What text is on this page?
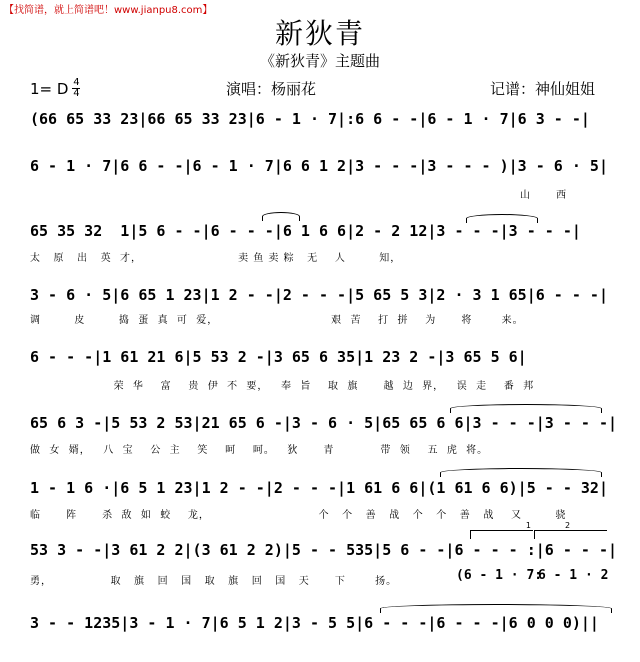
【找简谱，就上简谱吧！www.jianpu8.com】
新狄青
《新狄青》主题曲
1= D $\frac{4}{4}$	演唱：杨丽花	记谱：神仙姐姐
(66 65 33 23|66 65 33 23|6 - 1 · 7|:6 6 - -|6 - 1 · 7|6 3 - -|
6 - 1 · 7|6 6 - -|6 - 1 · 7|6 6 1 2|3 - - -|3 - - - )|3 - 6 · 5|
山      西
65 35 32  1|5 6 - -|6 - - -|6 1 6 6|2 - 2 12|3 - - -|3 - - -|
太   原   出   英  才，                       卖 鱼 卖 粽   无    人        知，
3 - 6 · 5|6 65 1 23|1 2 - -|2 - - -|5 65 5 3|2 · 3 1 65|6 - - -|
调        皮        捣  蛋  真  可  爱，                           艰  苦    打  拼    为      将       来。
6 - - -|1 61 21 6|5 53 2 -|3 65 6 35|1 23 2 -|3 65 5 6|
荣  华    富    贵  伊  不  要，   奉  旨    取  旗      越  边  界，   误  走    番  邦
65 6 3 -|5 53 2 53|21 65 6 -|3 - 6 · 5|65 65 6 6|3 - - -|3 - - -|
做  女  婿，   八  宝    公  主    笑    呵    呵。   狄      青           带  领    五  虎  将。
1 - 1 6 ·|6 5 1 23|1 2 - -|2 - - -|1 61 6 6|(1 61 6 6)|5 - - 32|
临      阵      杀  敌  如  蛟    龙，                          个   个   善   战   个   个   善   战    又        骁
53 3 - -|3 61 2 2|(3 61 2 2)|5 - - 535|5 6 - -|6 - - - :|6 - - -|
勇，              取   旗   回   国   取   旗   回   国   天      下       扬。	(6 - 1 · 7:
6 - 1 · 2
3 - - 1235|3 - 1 · 7|6 5 1 2|3 - 5 5|6 - - -|6 - - -|6 0 0 0)||
1	2
